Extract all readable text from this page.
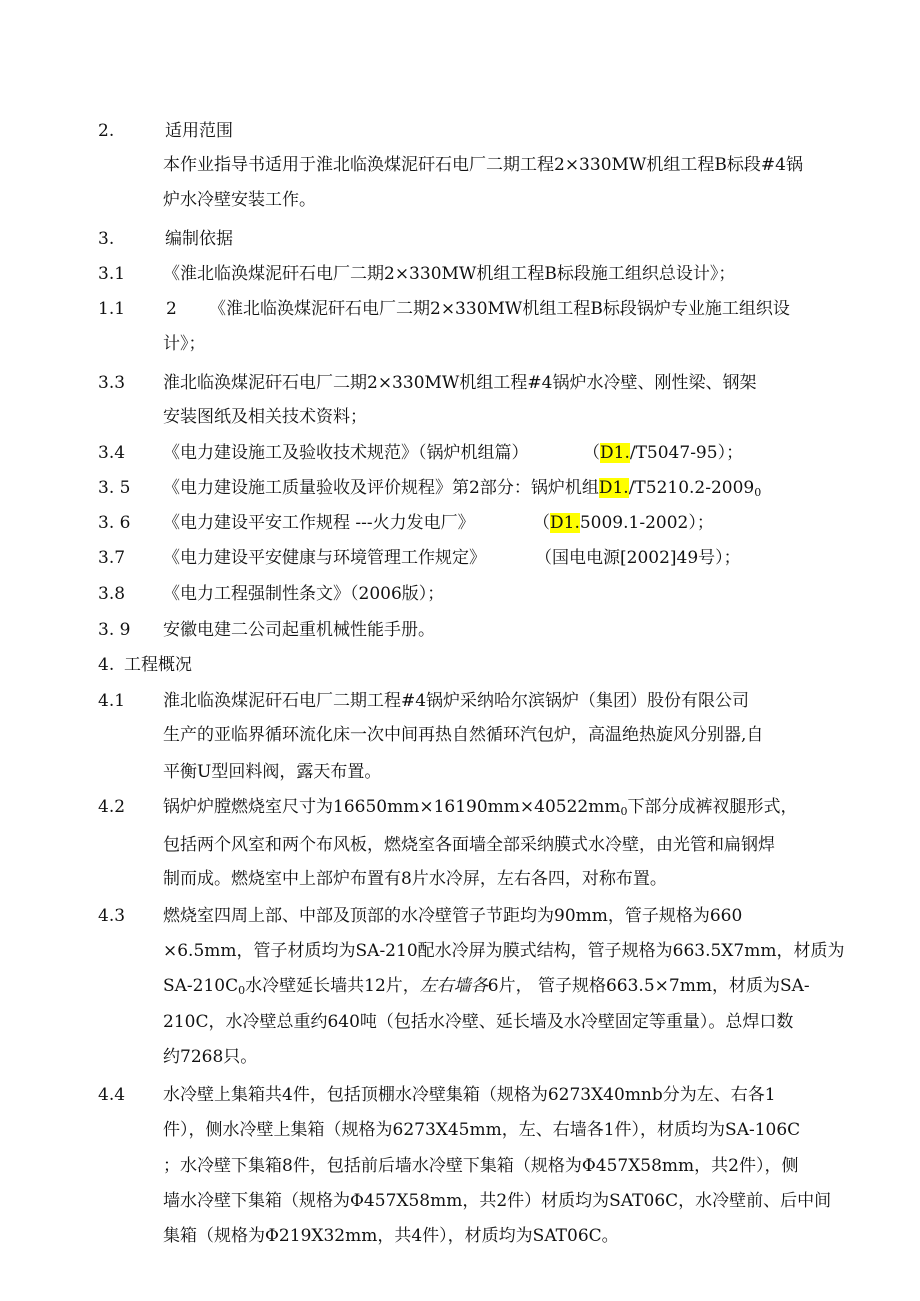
2.	适用范围
本作业指导书适用于淮北临涣煤泥矸石电厂二期工程2×330MW机组工程B标段#4锅
炉水冷壁安装工作。
3.	编制依据
3.1 《淮北临涣煤泥矸石电厂二期2×330MW机组工程B标段施工组织总设计》；
1.1 2 《淮北临涣煤泥矸石电厂二期2×330MW机组工程B标段锅炉专业施工组织设
计》；
3.3 淮北临涣煤泥矸石电厂二期2×330MW机组工程#4锅炉水冷壁、刚性梁、钢架
安装图纸及相关技术资料；
3.4 《电力建设施工及验收技术规范》（锅炉机组篇）	（D1./T5047-95）；
3. 5 《电力建设施工质量验收及评价规程》第2部分：锅炉机组$D1./T5210.2-2009_0$
3. 6 《电力建设平安工作规程 ---火力发电厂》	（D1.5009.1-2002）；
3.7 《电力建设平安健康与环境管理工作规定》	（国电电源[2002]49号）；
3.8 《电力工程强制性条文》（2006版）；
3. 9 安徽电建二公司起重机械性能手册。
4. 工程概况
4.1 淮北临涣煤泥矸石电厂二期工程#4锅炉采纳哈尔滨锅炉（集团）股份有限公司
生产的亚临界循环流化床一次中间再热自然循环汽包炉，高温绝热旋风分别器,自
平衡U型回料阀，露天布置。
4.2 锅炉炉膛燃烧室尺寸为$16650mm\times 16190mm\times 40522mm_0$下部分成裤衩腿形式，
包括两个风室和两个布风板，燃烧室各面墙全部采纳膜式水冷壁，由光管和扁钢焊
制而成。燃烧室中上部炉布置有8片水冷屏，左右各四，对称布置。
4.3 燃烧室四周上部、中部及顶部的水冷壁管子节距均为90mm，管子规格为660
×6.5mm，管子材质均为SA-210配水冷屏为膜式结构，管子规格为663.5X7mm，材质为
$SA-210C_0$水冷壁延长墙共12片，左右墙各6片， 管子规格663.5×7mm，材质为SA-
210C，水冷壁总重约640吨（包括水冷壁、延长墙及水冷壁固定等重量）。总焊口数
约7268只。
4.4 水冷壁上集箱共4件，包括顶棚水冷壁集箱（规格为6273X40mnb分为左、右各1
件），侧水冷壁上集箱（规格为6273X45mm，左、右墙各1件），材质均为SA-106C
；水冷壁下集箱8件，包括前后墙水冷壁下集箱（规格为Φ457X58mm，共2件），侧
墙水冷壁下集箱（规格为Φ457X58mm，共2件）材质均为SAT06C，水冷壁前、后中间
集箱（规格为Φ219X32mm，共4件），材质均为SAT06C。
